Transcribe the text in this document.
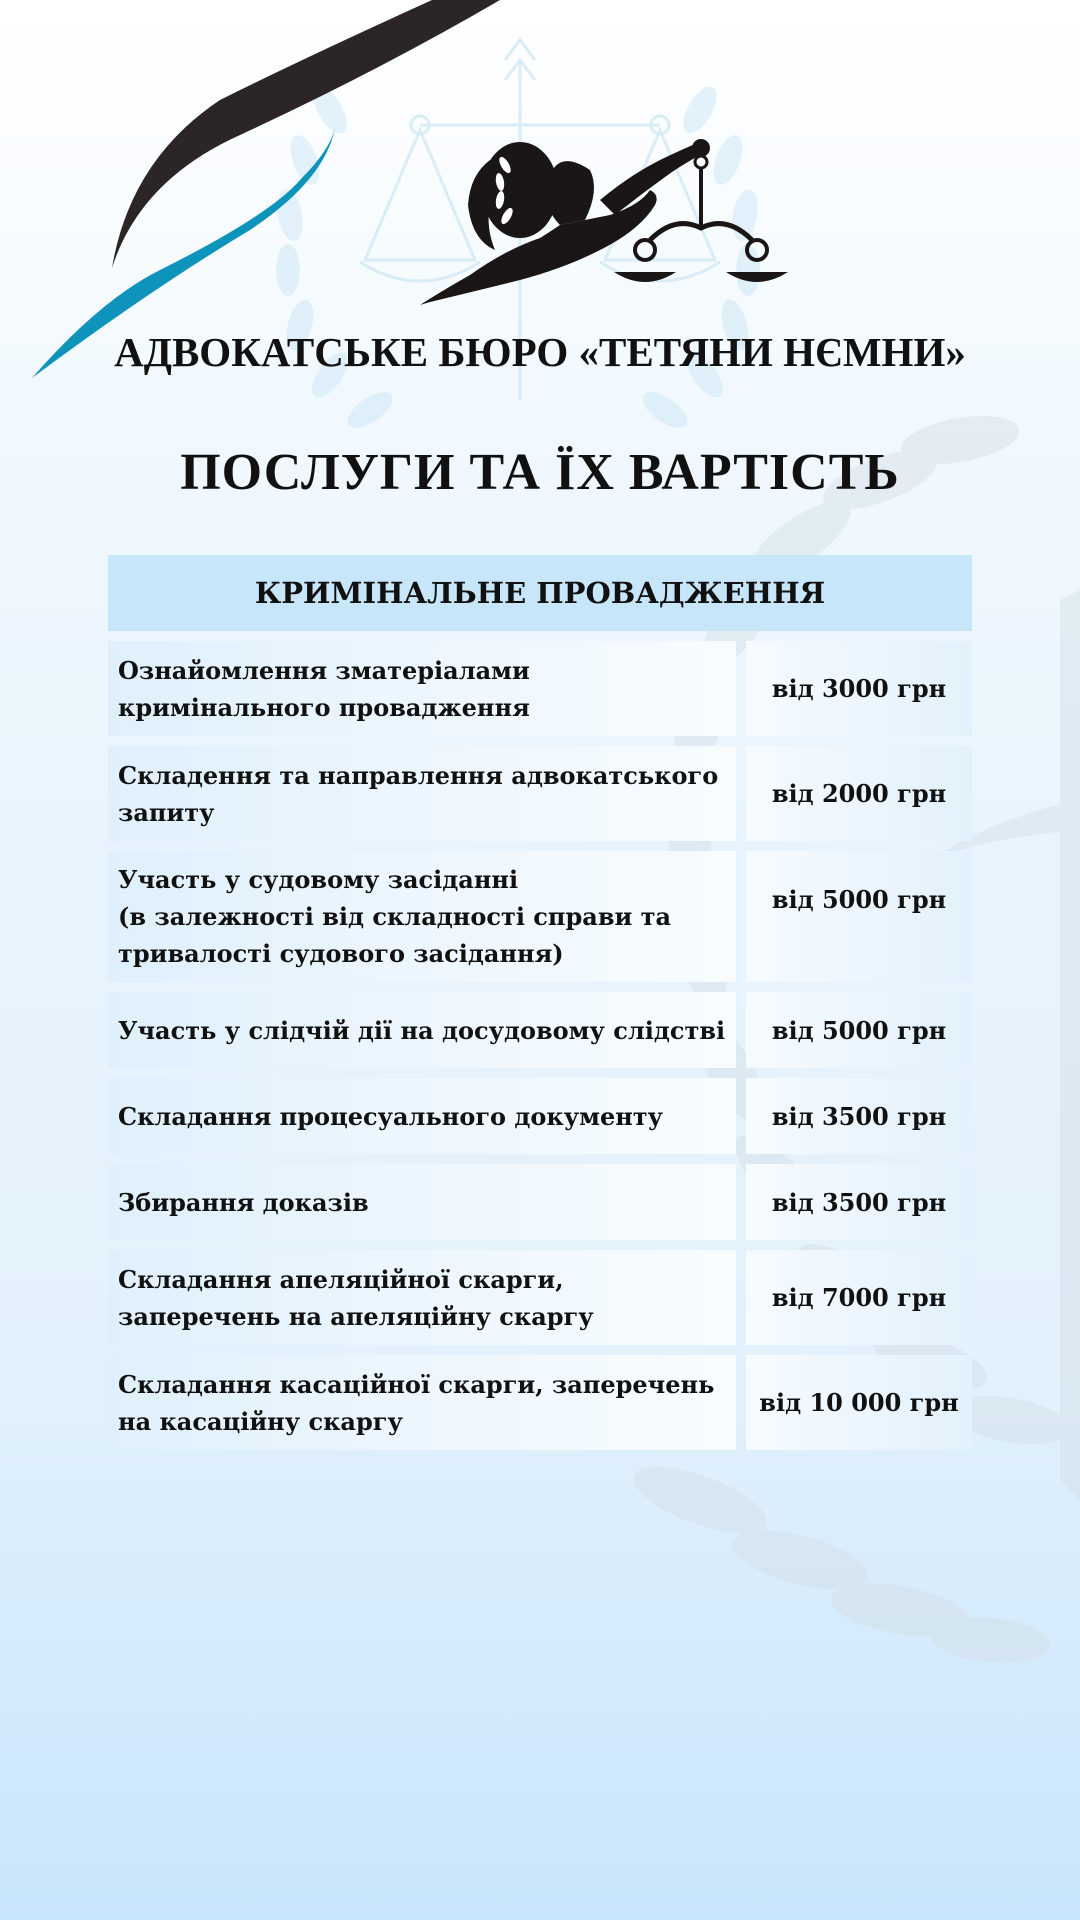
АДВОКАТСЬКЕ БЮРО «ТЕТЯНИ НЄМНИ»
ПОСЛУГИ ТА ЇХ ВАРТІСТЬ
КРИМІНАЛЬНЕ ПРОВАДЖЕННЯ
Ознайомлення зматеріалами
кримінального провадження
від 3000 грн
Складення та направлення адвокатського
запиту
від 2000 грн
Участь у судовому засіданні
(в залежності від складності справи та
тривалості судового засідання)
від 5000 грн
Участь у слідчій дії на досудовому слідстві від 5000 грн
Складання процесуального документу	від 3500 грн
Збирання доказів	від 3500 грн
Складання апеляційної скарги,
заперечень на апеляційну скаргу
від 7000 грн
Складання касаційної скарги, заперечень
на касаційну скаргу
від 10 000 грн
